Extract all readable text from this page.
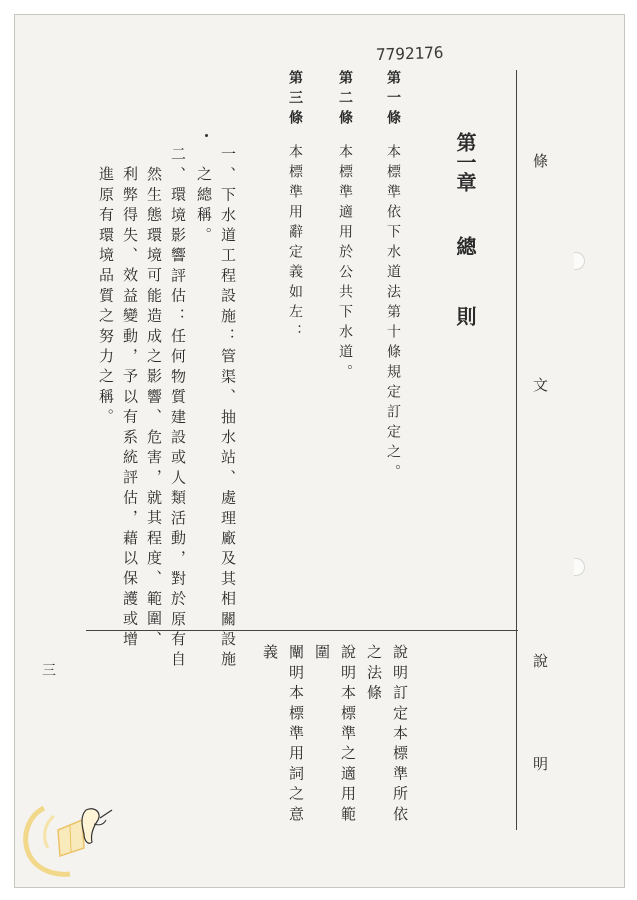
7792176
條
文
說
明
第一章總則
第一條本標準依下水道法第十條規定訂定之。
第二條本標準適用於公共下水道。
第三條本標準用辭定義如左：
一、下水道工程設施：管渠、抽水站、處理廠及其相關設施
之總稱。
二、環境影響評估：任何物質建設或人類活動，對於原有自
然生態環境可能造成之影響、危害，就其程度、範圍、
利弊得失、效益變動，予以有系統評估，藉以保護或增
進原有環境品質之努力之稱。
說明訂定本標準所依
之法條
說明本標準之適用範
圍
闡明本標準用詞之意
義
三
